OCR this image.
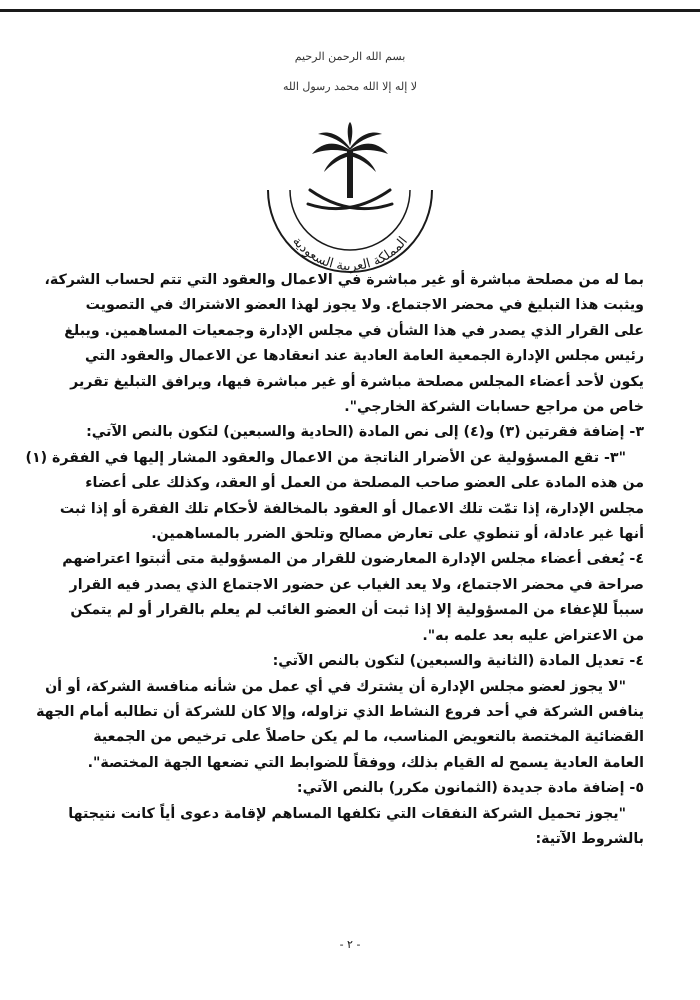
بسم الله الرحمن الرحيم
لا إله إلا الله محمد رسول الله
المملكة العربية السعودية
بما له من مصلحة مباشرة أو غير مباشرة في الاعمال والعقود التي تتم لحساب الشركة،
ويثبت هذا التبليغ في محضر الاجتماع. ولا يجوز لهذا العضو الاشتراك في التصويت
على القرار الذي يصدر في هذا الشأن في مجلس الإدارة وجمعيات المساهمين. ويبلغ
رئيس مجلس الإدارة الجمعية العامة العادية عند انعقادها عن الاعمال والعقود التي
يكون لأحد أعضاء المجلس مصلحة مباشرة أو غير مباشرة فيها، ويرافق التبليغ تقرير
خاص من مراجع حسابات الشركة الخارجي".
٣- إضافة فقرتين (٣) و(٤) إلى نص المادة (الحادية والسبعين) لتكون بالنص الآتي:
"٣- تقع المسؤولية عن الأضرار الناتجة من الاعمال والعقود المشار إليها في الفقرة (١)
من هذه المادة على العضو صاحب المصلحة من العمل أو العقد، وكذلك على أعضاء
مجلس الإدارة، إذا تمّت تلك الاعمال أو العقود بالمخالفة لأحكام تلك الفقرة أو إذا ثبت
أنها غير عادلة، أو تنطوي على تعارض مصالح وتلحق الضرر بالمساهمين.
٤- يُعفى أعضاء مجلس الإدارة المعارضون للقرار من المسؤولية متى أثبتوا اعتراضهم
صراحة في محضر الاجتماع، ولا يعد الغياب عن حضور الاجتماع الذي يصدر فيه القرار
سبباً للإعفاء من المسؤولية إلا إذا ثبت أن العضو الغائب لم يعلم بالقرار أو لم يتمكن
من الاعتراض عليه بعد علمه به".
٤- تعديل المادة (الثانية والسبعين) لتكون بالنص الآتي:
"لا يجوز لعضو مجلس الإدارة أن يشترك في أي عمل من شأنه منافسة الشركة، أو أن
ينافس الشركة في أحد فروع النشاط الذي تزاوله، وإلا كان للشركة أن تطالبه أمام الجهة
القضائية المختصة بالتعويض المناسب، ما لم يكن حاصلاً على ترخيص من الجمعية
العامة العادية يسمح له القيام بذلك، ووفقاً للضوابط التي تضعها الجهة المختصة".
٥- إضافة مادة جديدة (الثمانون مكرر) بالنص الآتي:
"يجوز تحميل الشركة النفقات التي تكلفها المساهم لإقامة دعوى أياً كانت نتيجتها
بالشروط الآتية:
- ٢ -
